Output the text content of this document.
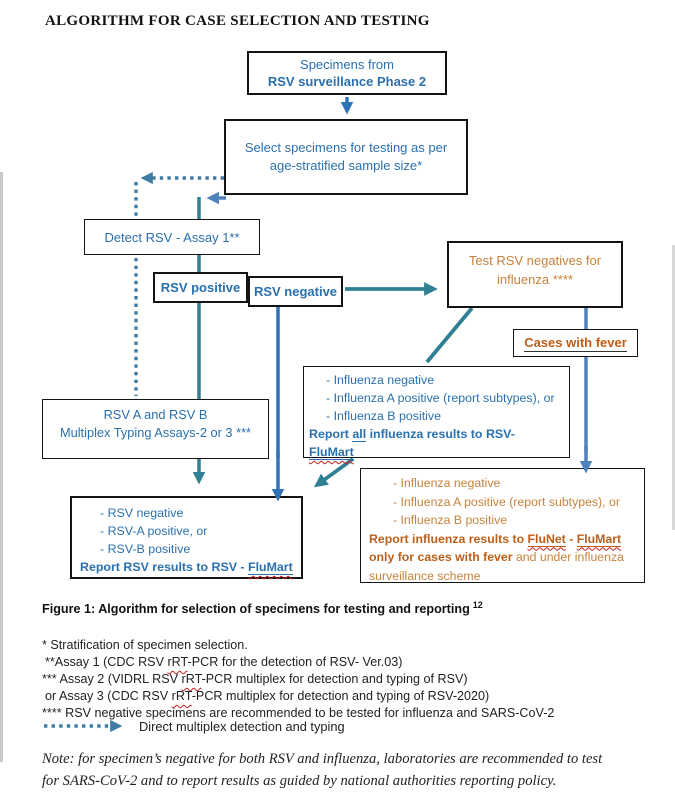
ALGORITHM FOR CASE SELECTION AND TESTING
Specimens from
RSV surveillance Phase 2
Select specimens for testing as per
age-stratified sample size*
Detect RSV - Assay 1**
RSV positive RSV negative
Test RSV negatives for
influenza ****
Cases with fever
RSV A and RSV B
Multiplex Typing Assays-2 or 3 ***
- Influenza negative
- Influenza A positive (report subtypes), or
- Influenza B positive
Report all influenza results to RSV-
FluMart
- RSV negative
- RSV-A positive, or
- RSV-B positive
Report RSV results to RSV - FluMart
- Influenza negative
- Influenza A positive (report subtypes), or
- Influenza B positive
Report influenza results to FluNet - FluMart
only for cases with fever and under influenza
surveillance scheme
Figure 1: Algorithm for selection of specimens for testing and reporting $^{12}$
* Stratification of specimen selection.
**Assay 1 (CDC RSV rRT-PCR for the detection of RSV- Ver.03)
*** Assay 2 (VIDRL RSV rRT-PCR multiplex for detection and typing of RSV)
or Assay 3 (CDC RSV rRT-PCR multiplex for detection and typing of RSV-2020)
**** RSV negative specimens are recommended to be tested for influenza and SARS-CoV-2
Direct multiplex detection and typing
Note: for specimen’s negative for both RSV and influenza, laboratories are recommended to test
for SARS-CoV-2 and to report results as guided by national authorities reporting policy.
